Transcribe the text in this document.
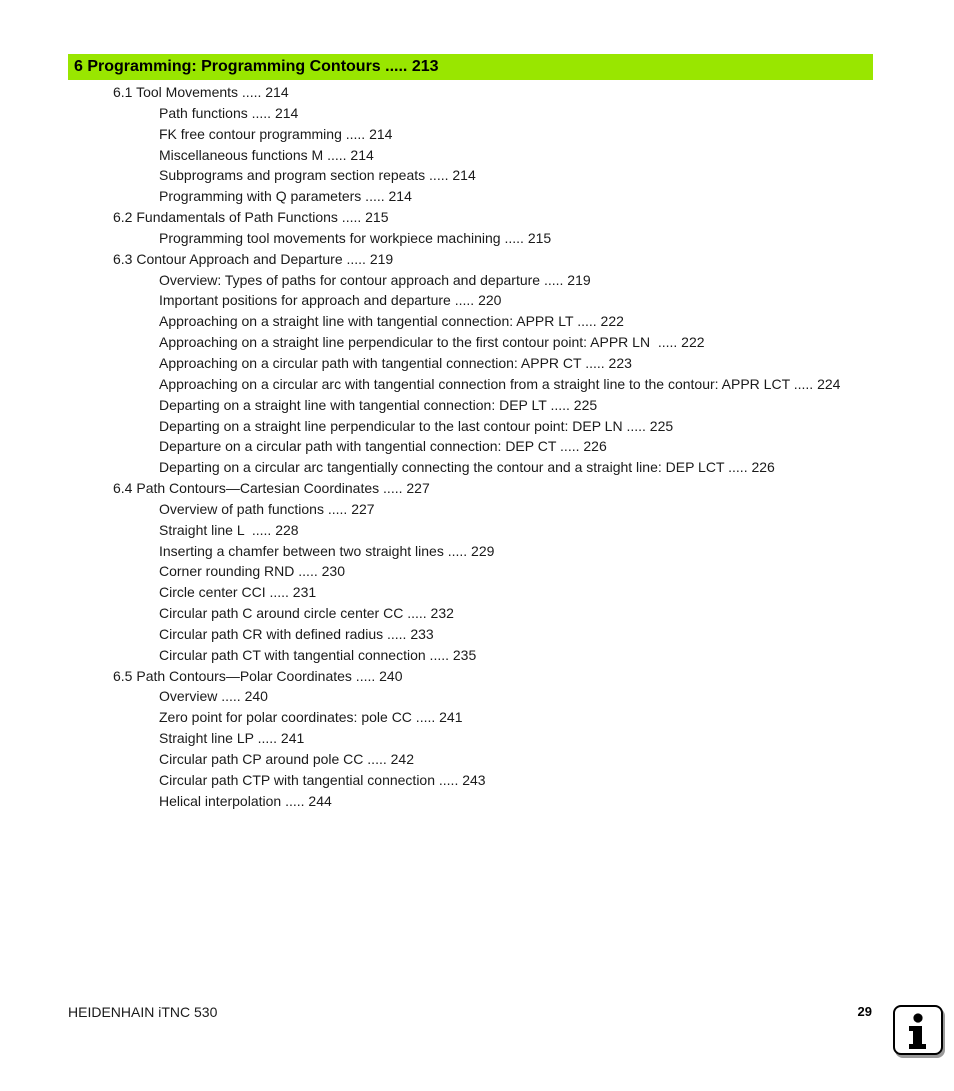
6 Programming: Programming Contours ..... 213
6.1 Tool Movements ..... 214
Path functions ..... 214
FK free contour programming ..... 214
Miscellaneous functions M ..... 214
Subprograms and program section repeats ..... 214
Programming with Q parameters ..... 214
6.2 Fundamentals of Path Functions ..... 215
Programming tool movements for workpiece machining ..... 215
6.3 Contour Approach and Departure ..... 219
Overview: Types of paths for contour approach and departure ..... 219
Important positions for approach and departure ..... 220
Approaching on a straight line with tangential connection: APPR LT ..... 222
Approaching on a straight line perpendicular to the first contour point: APPR LN  ..... 222
Approaching on a circular path with tangential connection: APPR CT ..... 223
Approaching on a circular arc with tangential connection from a straight line to the contour: APPR LCT ..... 224
Departing on a straight line with tangential connection: DEP LT ..... 225
Departing on a straight line perpendicular to the last contour point: DEP LN ..... 225
Departure on a circular path with tangential connection: DEP CT ..... 226
Departing on a circular arc tangentially connecting the contour and a straight line: DEP LCT ..... 226
6.4 Path Contours—Cartesian Coordinates ..... 227
Overview of path functions ..... 227
Straight line L  ..... 228
Inserting a chamfer between two straight lines ..... 229
Corner rounding RND ..... 230
Circle center CCI ..... 231
Circular path C around circle center CC ..... 232
Circular path CR with defined radius ..... 233
Circular path CT with tangential connection ..... 235
6.5 Path Contours—Polar Coordinates ..... 240
Overview ..... 240
Zero point for polar coordinates: pole CC ..... 241
Straight line LP ..... 241
Circular path CP around pole CC ..... 242
Circular path CTP with tangential connection ..... 243
Helical interpolation ..... 244
HEIDENHAIN iTNC 530	29
